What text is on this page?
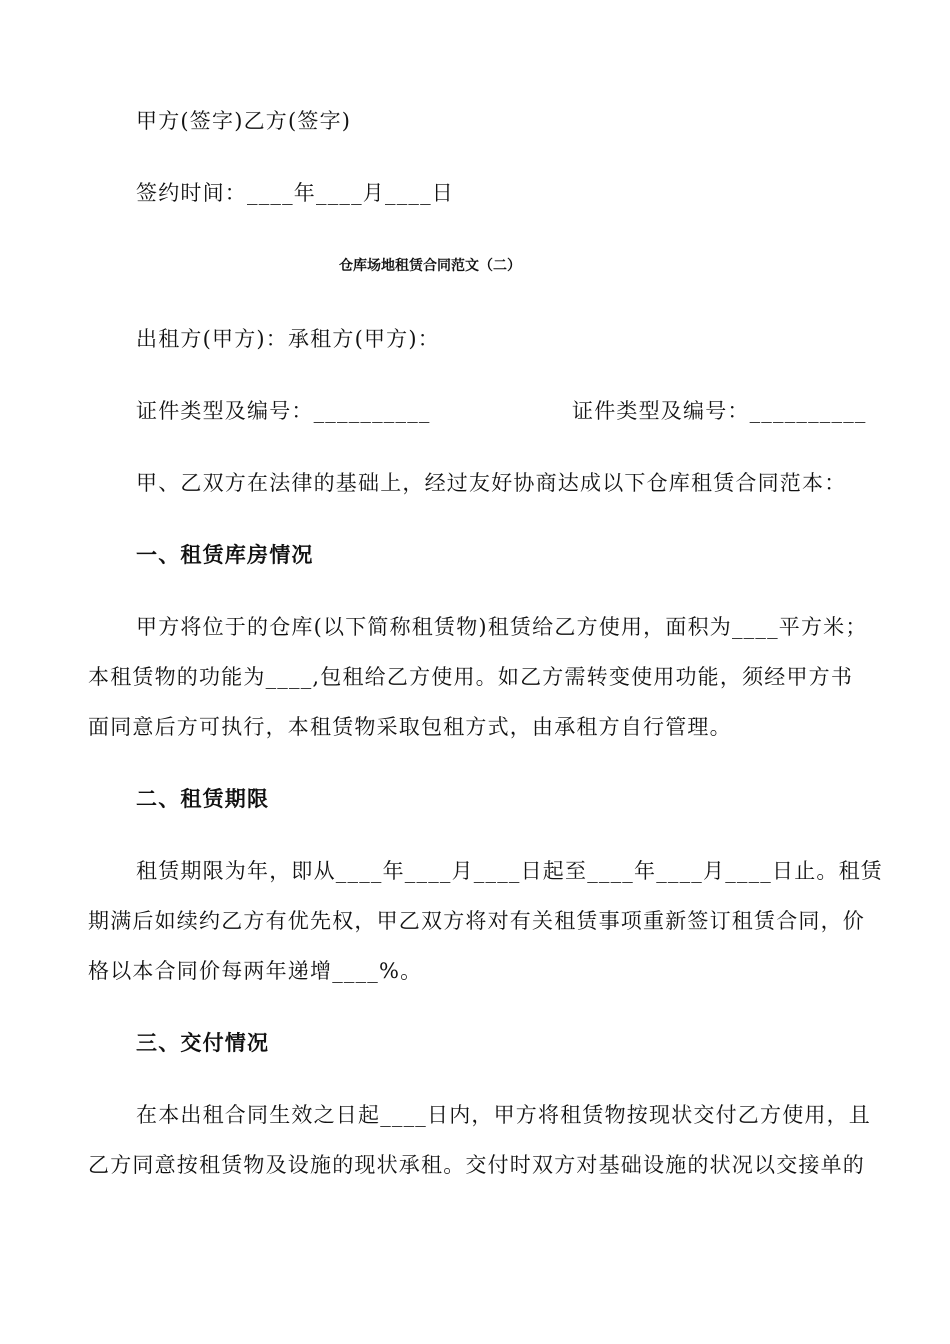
甲方(签字)乙方(签字)
签约时间：____年____月____日
仓库场地租赁合同范文（二）
出租方(甲方)：承租方(甲方)：
证件类型及编号：__________	证件类型及编号：__________
甲、乙双方在法律的基础上，经过友好协商达成以下仓库租赁合同范本：
一、租赁库房情况
甲方将位于的仓库(以下简称租赁物)租赁给乙方使用，面积为____平方米；
本租赁物的功能为____,包租给乙方使用。如乙方需转变使用功能，须经甲方书
面同意后方可执行，本租赁物采取包租方式，由承租方自行管理。
二、租赁期限
租赁期限为年，即从____年____月____日起至____年____月____日止。租赁
期满后如续约乙方有优先权，甲乙双方将对有关租赁事项重新签订租赁合同，价
格以本合同价每两年递增____%。
三、交付情况
在本出租合同生效之日起____日内，甲方将租赁物按现状交付乙方使用，且
乙方同意按租赁物及设施的现状承租。交付时双方对基础设施的状况以交接单的
